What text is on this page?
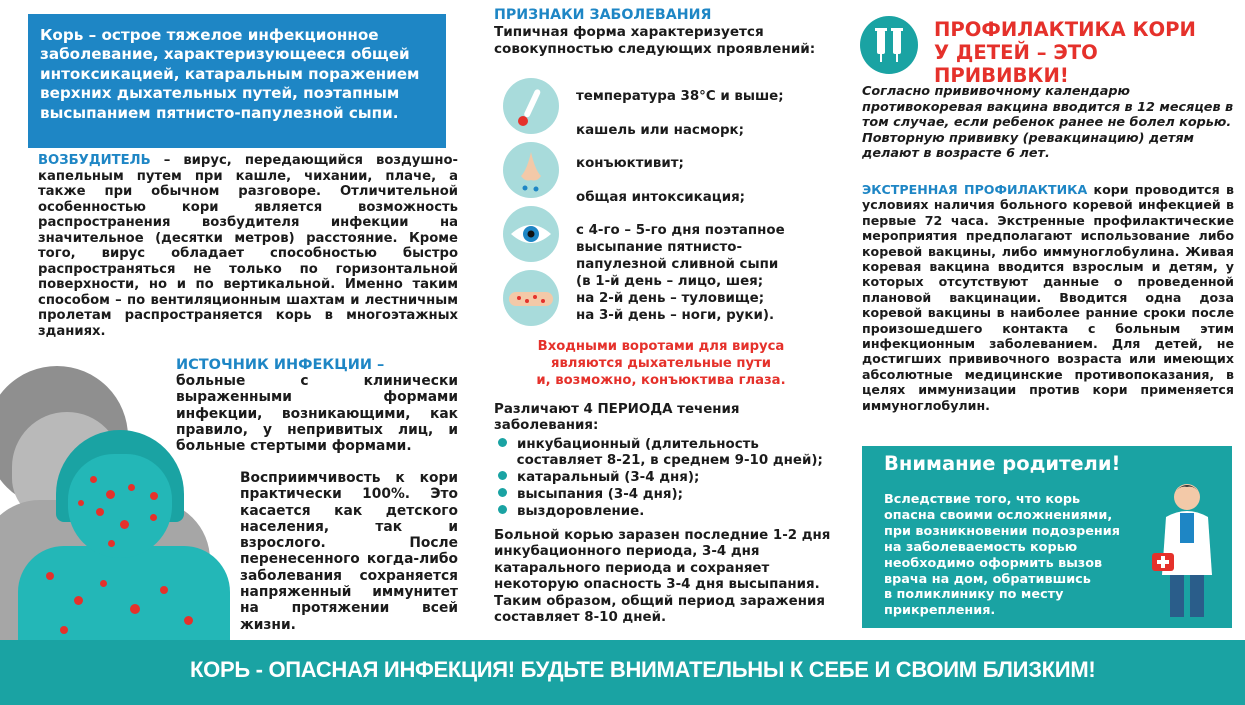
Корь – острое тяжелое инфекционное
заболевание, характеризующееся общей
интоксикацией, катаральным поражением
верхних дыхательных путей, поэтапным
высыпанием пятнисто-папулезной сыпи.
ВОЗБУДИТЕЛЬ – вирус, передающийся воздушно-капельным путем при кашле, чихании, плаче, а также при обычном разговоре. Отличительной особенностью кори является возможность распространения возбудителя инфекции на значительное (десятки метров) расстояние. Кроме того, вирус обладает способностью быстро распространяться не только по горизонтальной поверхности, но и по вертикальной. Именно таким способом – по вентиляционным шахтам и лестничным пролетам распространяется корь в многоэтажных зданиях.
ИСТОЧНИК ИНФЕКЦИИ –
больные с клинически выраженными формами инфекции, возникающими, как правило, у непривитых лиц, и больные стертыми формами.
Восприимчивость к кори практически 100%. Это касается как детского населения, так и взрослого. После перенесенного когда-либо заболевания сохраняется напряженный иммунитет на протяжении всей жизни.
ПРИЗНАКИ ЗАБОЛЕВАНИЯ
Типичная форма характеризуется
совокупностью следующих проявлений:
температура 38°С и выше;
кашель или насморк;
конъюктивит;
общая интоксикация;
с 4-го – 5-го дня поэтапное
высыпание пятнисто-
папулезной сливной сыпи
(в 1-й день – лицо, шея;
на 2-й день – туловище;
на 3-й день – ноги, руки).
Входными воротами для вируса
являются дыхательные пути
и, возможно, конъюктива глаза.
Различают 4 ПЕРИОДА течения заболевания:
инкубационный (длительность
составляет 8-21, в среднем 9-10 дней);
катаральный (3-4 дня);
высыпания (3-4 дня);
выздоровление.
Больной корью заразен последние 1-2 дня инкубационного периода, 3-4 дня катарального периода и сохраняет некоторую опасность 3-4 дня высыпания. Таким образом, общий период заражения составляет 8-10 дней.
ПРОФИЛАКТИКА КОРИ
У ДЕТЕЙ – ЭТО ПРИВИВКИ!
Согласно прививочному календарю противокоревая вакцина вводится в 12 месяцев в том случае, если ребенок ранее не болел корью. Повторную прививку (ревакцинацию) детям делают в возрасте 6 лет.
ЭКСТРЕННАЯ ПРОФИЛАКТИКА кори проводится в условиях наличия больного коревой инфекцией в первые 72 часа. Экстренные профилактические мероприятия предполагают использование либо коревой вакцины, либо иммуноглобулина. Живая коревая вакцина вводится взрослым и детям, у которых отсутствуют данные о проведенной плановой вакцинации. Вводится одна доза коревой вакцины в наиболее ранние сроки после произошедшего контакта с больным этим инфекционным заболеванием. Для детей, не достигших прививочного возраста или имеющих абсолютные медицинские противопоказания, в целях иммунизации против кори применяется иммуноглобулин.
Внимание родители!
Вследствие того, что корь
опасна своими осложнениями,
при возникновении подозрения
на заболеваемость корью
необходимо оформить вызов
врача на дом, обратившись
в поликлинику по месту прикрепления.
КОРЬ - ОПАСНАЯ ИНФЕКЦИЯ! БУДЬТЕ ВНИМАТЕЛЬНЫ К СЕБЕ И СВОИМ БЛИЗКИМ!
